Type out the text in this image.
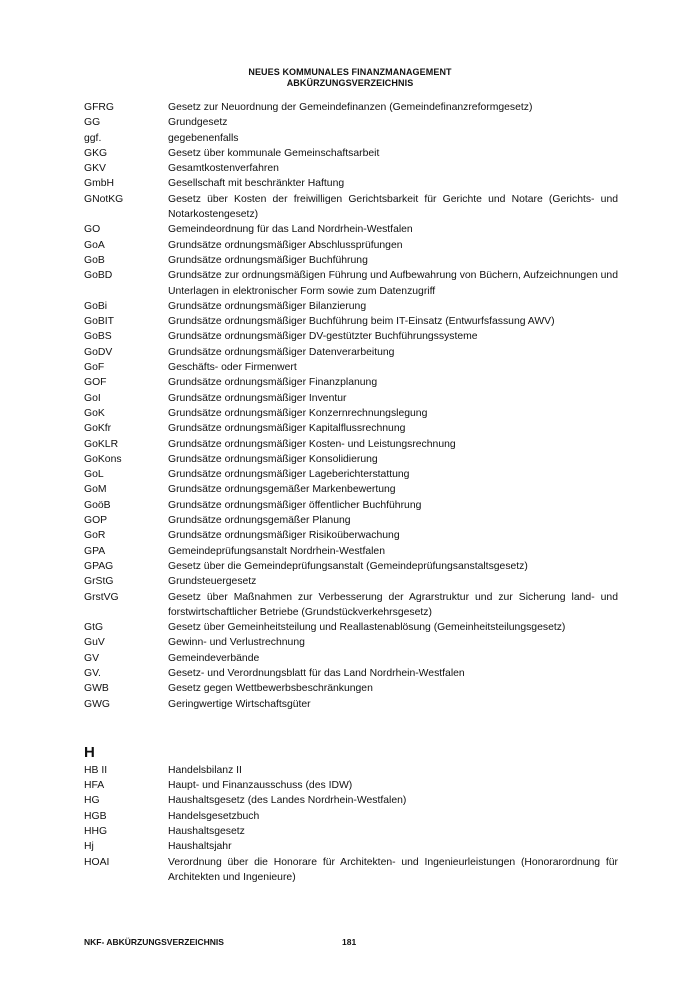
NEUES KOMMUNALES FINANZMANAGEMENT
ABKÜRZUNGSVERZEICHNIS
GFRG	Gesetz zur Neuordnung der Gemeindefinanzen (Gemeindefinanzreformgesetz)
GG	Grundgesetz
ggf.	gegebenenfalls
GKG	Gesetz über kommunale Gemeinschaftsarbeit
GKV	Gesamtkostenverfahren
GmbH	Gesellschaft mit beschränkter Haftung
GNotKG	Gesetz über Kosten der freiwilligen Gerichtsbarkeit für Gerichte und Notare (Gerichts- und Notarkostengesetz)
GO	Gemeindeordnung für das Land Nordrhein-Westfalen
GoA	Grundsätze ordnungsmäßiger Abschlussprüfungen
GoB	Grundsätze ordnungsmäßiger Buchführung
GoBD	Grundsätze zur ordnungsmäßigen Führung und Aufbewahrung von Büchern, Aufzeichnungen und Unterlagen in elektronischer Form sowie zum Datenzugriff
GoBi	Grundsätze ordnungsmäßiger Bilanzierung
GoBIT	Grundsätze ordnungsmäßiger Buchführung beim IT-Einsatz (Entwurfsfassung AWV)
GoBS	Grundsätze ordnungsmäßiger DV-gestützter Buchführungssysteme
GoDV	Grundsätze ordnungsmäßiger Datenverarbeitung
GoF	Geschäfts- oder Firmenwert
GOF	Grundsätze ordnungsmäßiger Finanzplanung
GoI	Grundsätze ordnungsmäßiger Inventur
GoK	Grundsätze ordnungsmäßiger Konzernrechnungslegung
GoKfr	Grundsätze ordnungsmäßiger Kapitalflussrechnung
GoKLR	Grundsätze ordnungsmäßiger Kosten- und Leistungsrechnung
GoKons	Grundsätze ordnungsmäßiger Konsolidierung
GoL	Grundsätze ordnungsmäßiger Lageberichterstattung
GoM	Grundsätze ordnungsgemäßer Markenbewertung
GoöB	Grundsätze ordnungsmäßiger öffentlicher Buchführung
GOP	Grundsätze ordnungsgemäßer Planung
GoR	Grundsätze ordnungsmäßiger Risikoüberwachung
GPA	Gemeindeprüfungsanstalt Nordrhein-Westfalen
GPAG	Gesetz über die Gemeindeprüfungsanstalt (Gemeindeprüfungsanstaltsgesetz)
GrStG	Grundsteuergesetz
GrstVG	Gesetz über Maßnahmen zur Verbesserung der Agrarstruktur und zur Sicherung land- und forstwirtschaftlicher Betriebe (Grundstückverkehrsgesetz)
GtG	Gesetz über Gemeinheitsteilung und Reallastenablösung (Gemeinheitsteilungsgesetz)
GuV	Gewinn- und Verlustrechnung
GV	Gemeindeverbände
GV.	Gesetz- und Verordnungsblatt für das Land Nordrhein-Westfalen
GWB	Gesetz gegen Wettbewerbsbeschränkungen
GWG	Geringwertige Wirtschaftsgüter
H
HB II	Handelsbilanz II
HFA	Haupt- und Finanzausschuss (des IDW)
HG	Haushaltsgesetz (des Landes Nordrhein-Westfalen)
HGB	Handelsgesetzbuch
HHG	Haushaltsgesetz
Hj	Haushaltsjahr
HOAI	Verordnung über die Honorare für Architekten- und Ingenieurleistungen (Honorarordnung für Architekten und Ingenieure)
NKF- ABKÜRZUNGSVERZEICHNIS	181
